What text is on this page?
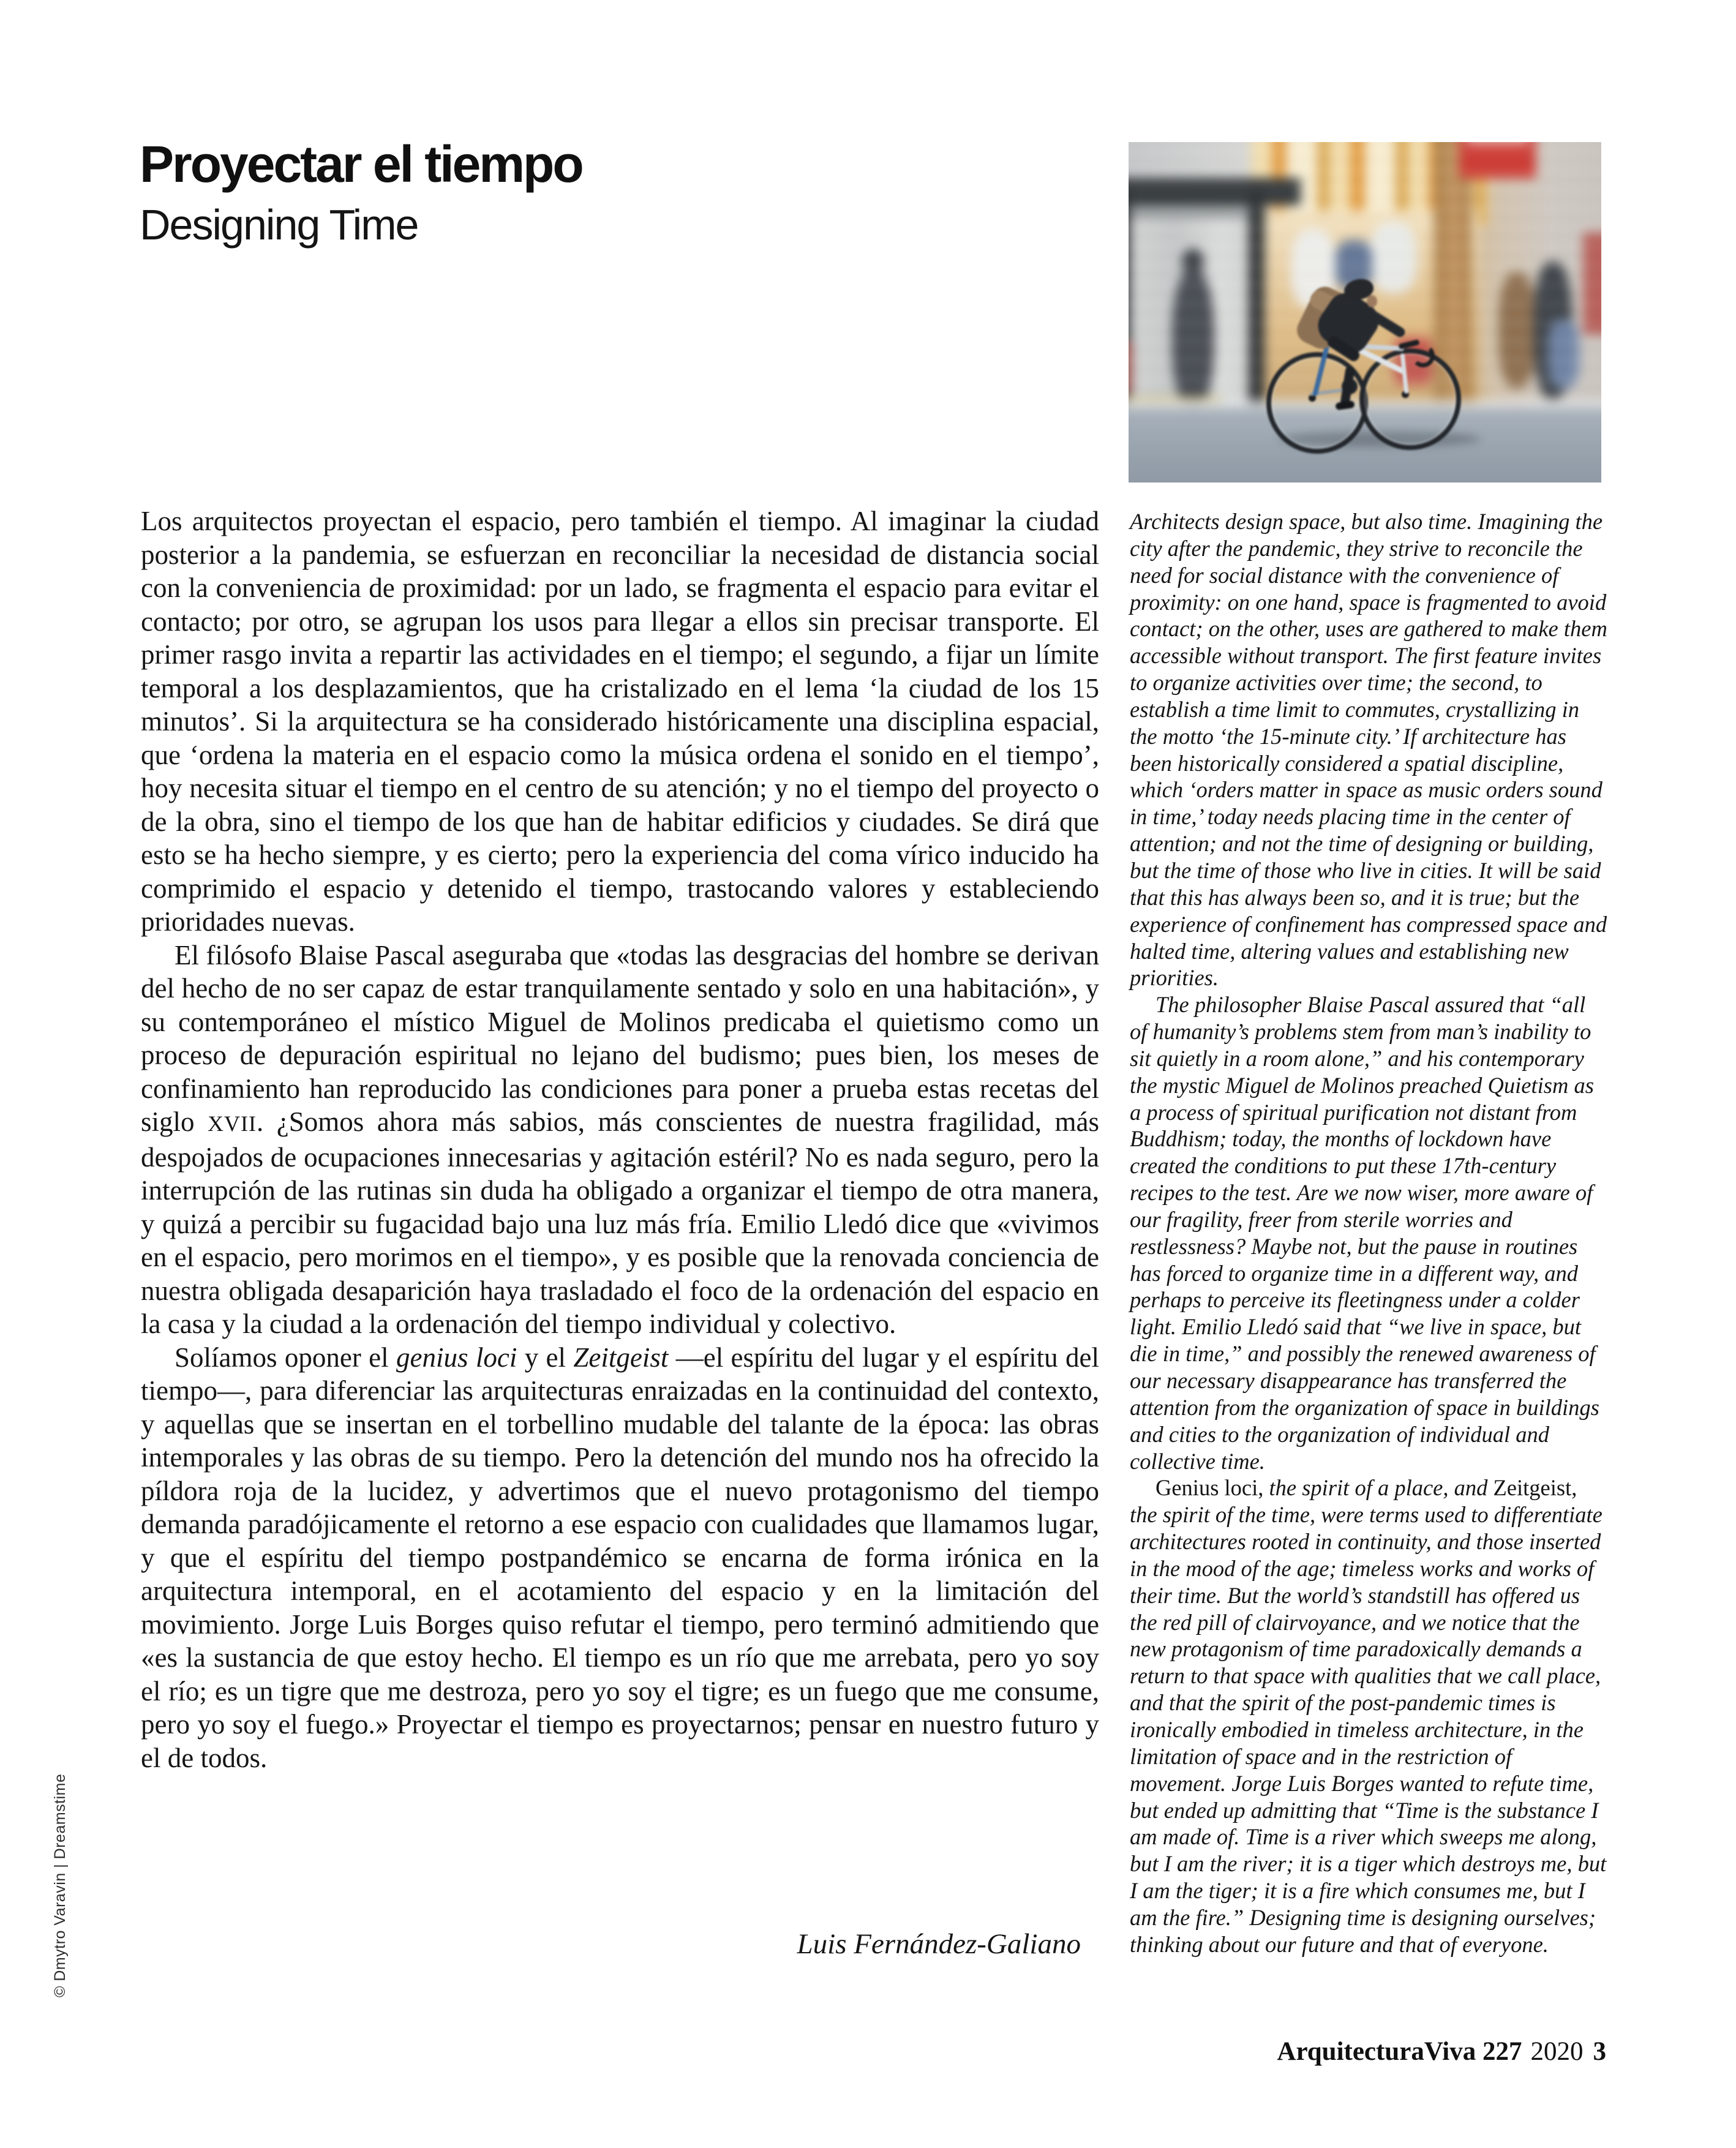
Proyectar el tiempo
Designing Time

Los arquitectos proyectan el espacio, pero también el tiempo. Al imaginar la ciudad posterior a la pandemia, se esfuerzan en reconciliar la necesidad de distancia social con la conveniencia de proximidad: por un lado, se fragmenta el espacio para evitar el contacto; por otro, se agrupan los usos para llegar a ellos sin precisar transporte. El primer rasgo invita a repartir las actividades en el tiempo; el segundo, a fijar un límite temporal a los desplazamientos, que ha cristalizado en el lema ‘la ciudad de los 15 minutos’. Si la arquitectura se ha considerado históricamente una disciplina espacial, que ‘ordena la materia en el espacio como la música ordena el sonido en el tiempo’, hoy necesita situar el tiempo en el centro de su atención; y no el tiempo del proyecto o de la obra, sino el tiempo de los que han de habitar edificios y ciudades. Se dirá que esto se ha hecho siempre, y es cierto; pero la experiencia del coma vírico inducido ha comprimido el espacio y detenido el tiempo, trastocando valores y estableciendo prioridades nuevas.

El filósofo Blaise Pascal aseguraba que «todas las desgracias del hombre se derivan del hecho de no ser capaz de estar tranquilamente sentado y solo en una habitación», y su contemporáneo el místico Miguel de Molinos predicaba el quietismo como un proceso de depuración espiritual no lejano del budismo; pues bien, los meses de confinamiento han reproducido las condiciones para poner a prueba estas recetas del siglo XVII. ¿Somos ahora más sabios, más conscientes de nuestra fragilidad, más despojados de ocupaciones innecesarias y agitación estéril? No es nada seguro, pero la interrupción de las rutinas sin duda ha obligado a organizar el tiempo de otra manera, y quizá a percibir su fugacidad bajo una luz más fría. Emilio Lledó dice que «vivimos en el espacio, pero morimos en el tiempo», y es posible que la renovada conciencia de nuestra obligada desaparición haya trasladado el foco de la ordenación del espacio en la casa y la ciudad a la ordenación del tiempo individual y colectivo.

Solíamos oponer el genius loci y el Zeitgeist —el espíritu del lugar y el espíritu del tiempo—, para diferenciar las arquitecturas enraizadas en la continuidad del contexto, y aquellas que se insertan en el torbellino mudable del talante de la época: las obras intemporales y las obras de su tiempo. Pero la detención del mundo nos ha ofrecido la píldora roja de la lucidez, y advertimos que el nuevo protagonismo del tiempo demanda paradójicamente el retorno a ese espacio con cualidades que llamamos lugar, y que el espíritu del tiempo postpandémico se encarna de forma irónica en la arquitectura intemporal, en el acotamiento del espacio y en la limitación del movimiento. Jorge Luis Borges quiso refutar el tiempo, pero terminó admitiendo que «es la sustancia de que estoy hecho. El tiempo es un río que me arrebata, pero yo soy el río; es un tigre que me destroza, pero yo soy el tigre; es un fuego que me consume, pero yo soy el fuego.» Proyectar el tiempo es proyectarnos; pensar en nuestro futuro y el de todos.

Architects design space, but also time. Imagining the city after the pandemic, they strive to reconcile the need for social distance with the convenience of proximity: on one hand, space is fragmented to avoid contact; on the other, uses are gathered to make them accessible without transport. The first feature invites to organize activities over time; the second, to establish a time limit to commutes, crystallizing in the motto ‘the 15-minute city.’ If architecture has been historically considered a spatial discipline, which ‘orders matter in space as music orders sound in time,’ today needs placing time in the center of attention; and not the time of designing or building, but the time of those who live in cities. It will be said that this has always been so, and it is true; but the experience of confinement has compressed space and halted time, altering values and establishing new priorities.

The philosopher Blaise Pascal assured that “all of humanity’s problems stem from man’s inability to sit quietly in a room alone,” and his contemporary the mystic Miguel de Molinos preached Quietism as a process of spiritual purification not distant from Buddhism; today, the months of lockdown have created the conditions to put these 17th-century recipes to the test. Are we now wiser, more aware of our fragility, freer from sterile worries and restlessness? Maybe not, but the pause in routines has forced to organize time in a different way, and perhaps to perceive its fleetingness under a colder light. Emilio Lledó said that “we live in space, but die in time,” and possibly the renewed awareness of our necessary disappearance has transferred the attention from the organization of space in buildings and cities to the organization of individual and collective time.

Genius loci, the spirit of a place, and Zeitgeist, the spirit of the time, were terms used to differentiate architectures rooted in continuity, and those inserted in the mood of the age; timeless works and works of their time. But the world’s standstill has offered us the red pill of clairvoyance, and we notice that the new protagonism of time paradoxically demands a return to that space with qualities that we call place, and that the spirit of the post-pandemic times is ironically embodied in timeless architecture, in the limitation of space and in the restriction of movement. Jorge Luis Borges wanted to refute time, but ended up admitting that “Time is the substance I am made of. Time is a river which sweeps me along, but I am the river; it is a tiger which destroys me, but I am the tiger; it is a fire which consumes me, but I am the fire.” Designing time is designing ourselves; thinking about our future and that of everyone.

Luis Fernández-Galiano
© Dmytro Varavin | Dreamstime
ArquitecturaViva 227 2020 3
